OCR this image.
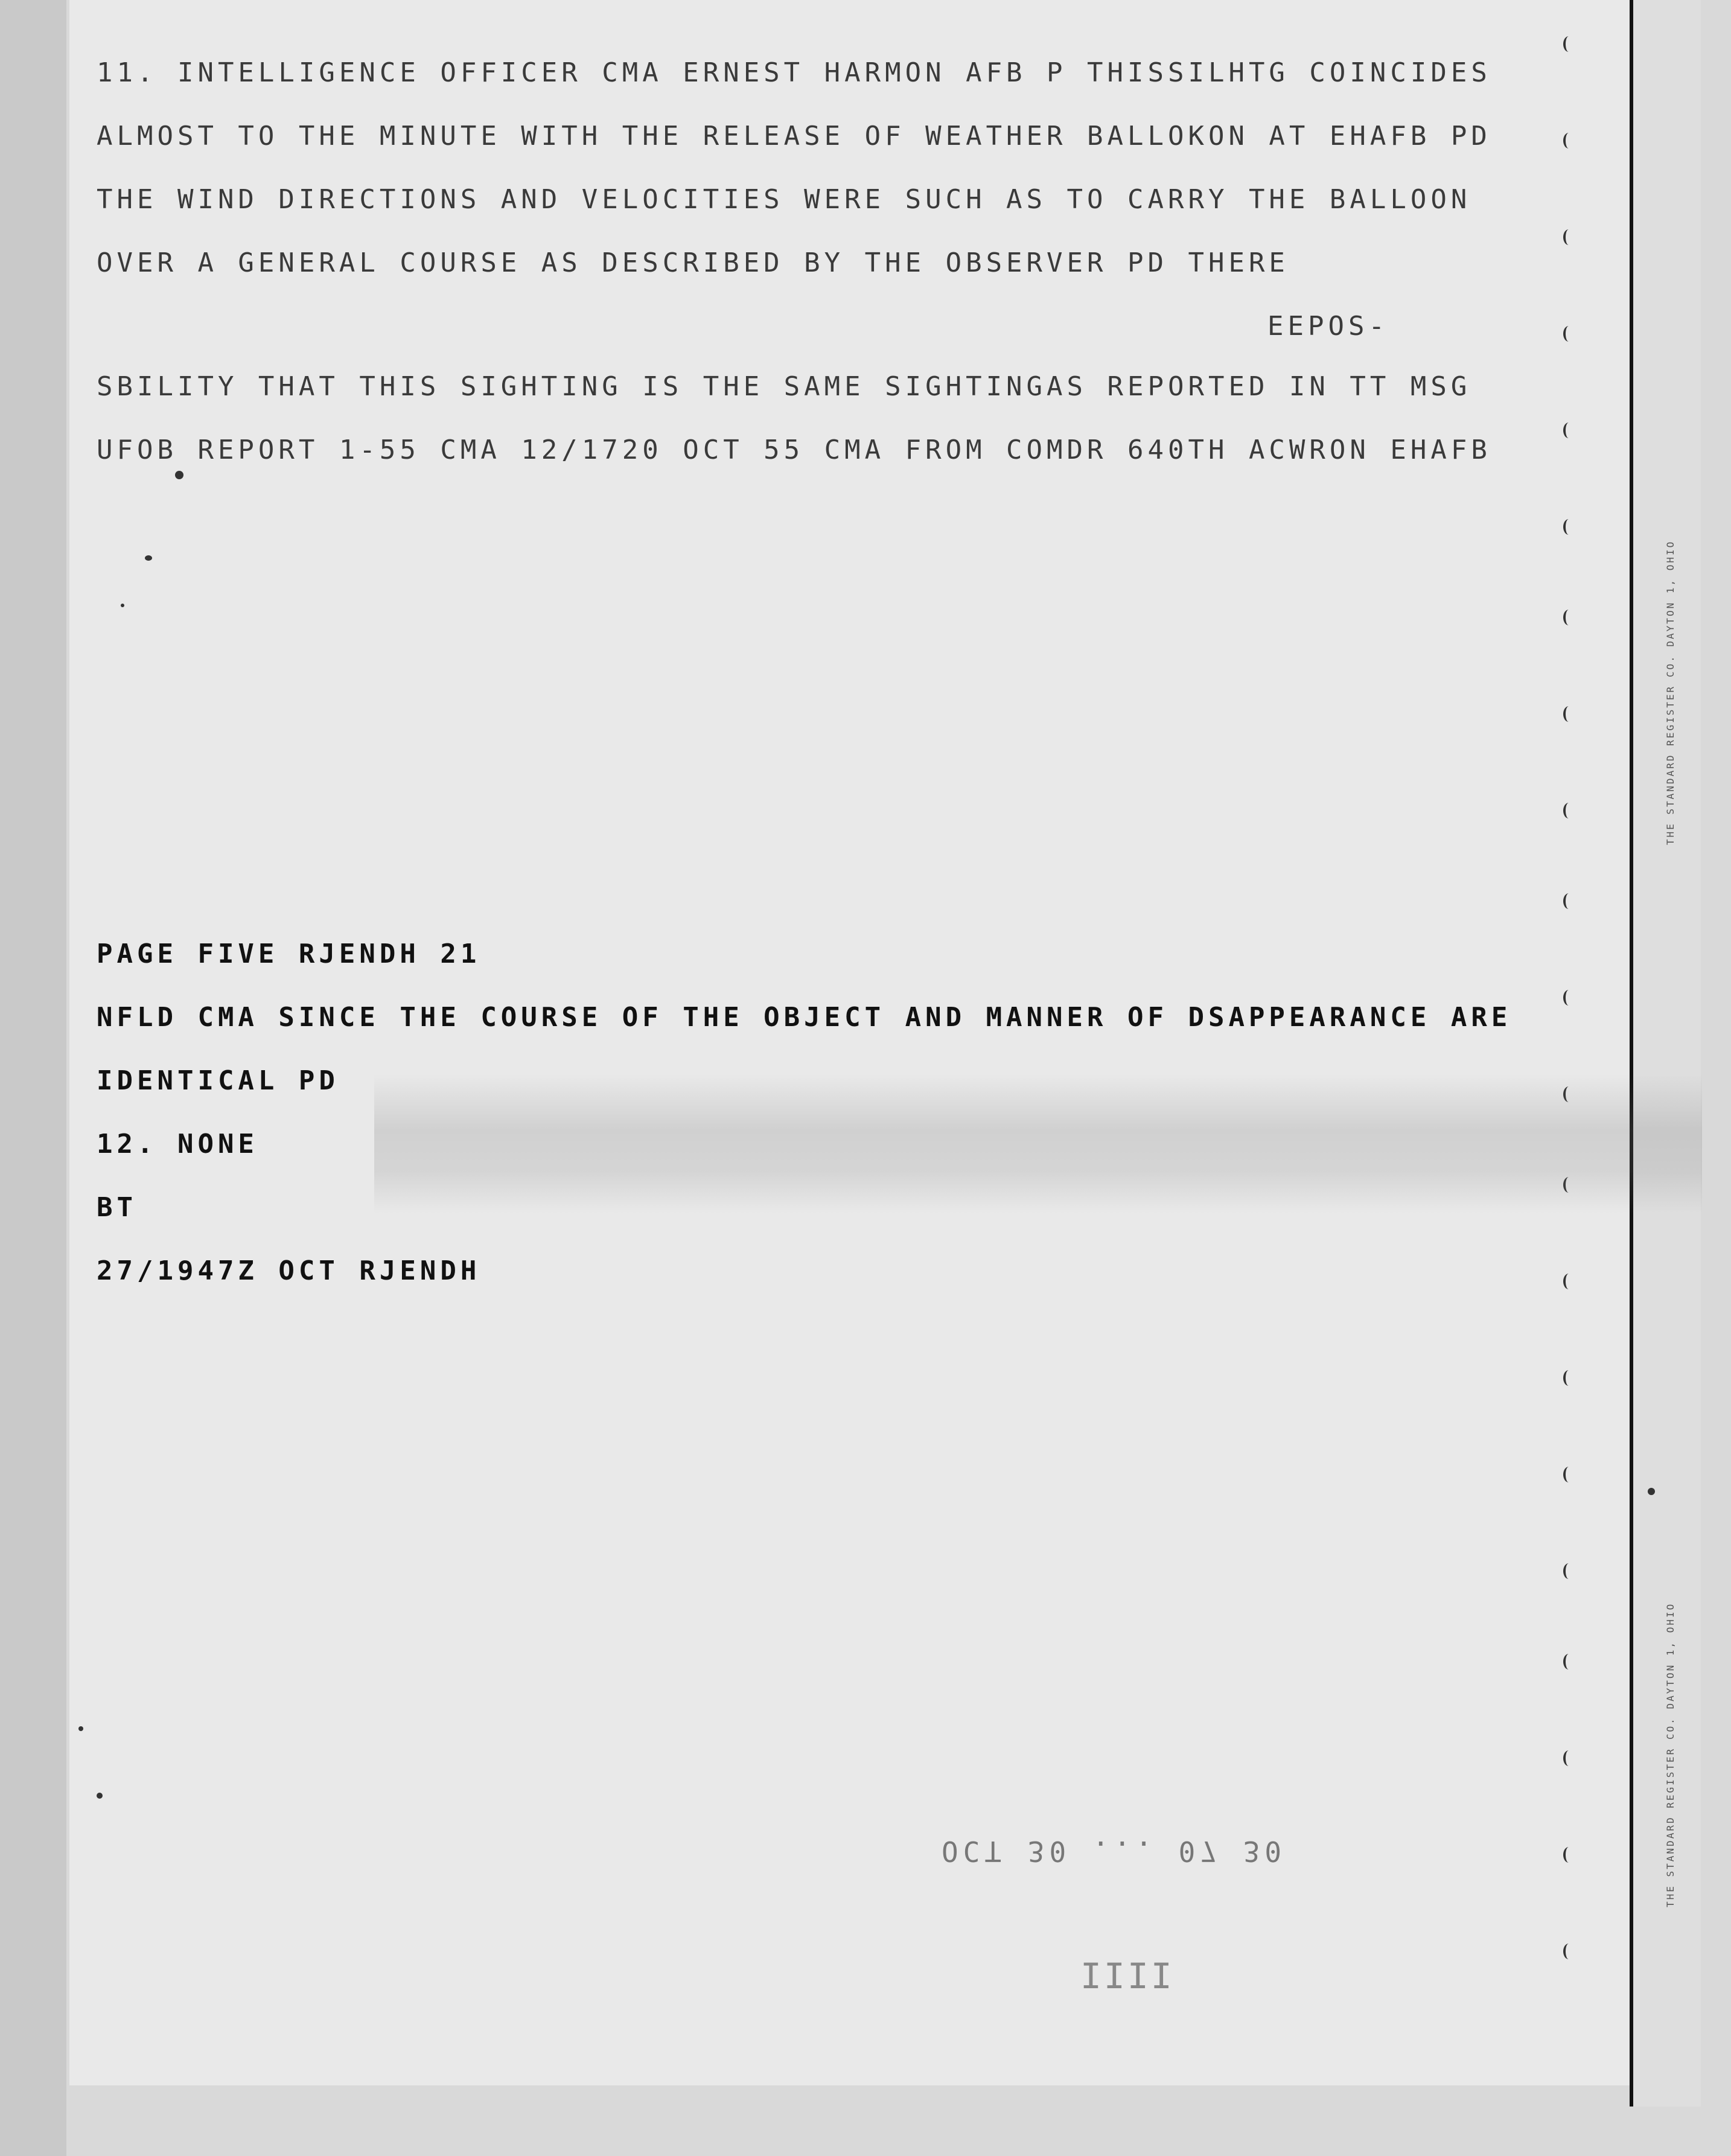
THE STANDARD REGISTER CO. DAYTON 1, OHIO
THE STANDARD REGISTER CO. DAYTON 1, OHIO
11. INTELLIGENCE OFFICER CMA ERNEST HARMON AFB P THISSILHTG COINCIDES
ALMOST TO THE MINUTE WITH THE RELEASE OF WEATHER BALLOKON AT EHAFB PD
THE WIND DIRECTIONS AND VELOCITIES WERE SUCH AS TO CARRY THE BALLOON
OVER A GENERAL COURSE AS DESCRIBED BY THE OBSERVER PD THERE
EEPOS-
SBILITY THAT THIS SIGHTING IS THE SAME SIGHTINGAS REPORTED IN TT MSG
UFOB REPORT 1-55 CMA 12/1720 OCT 55 CMA FROM COMDR 640TH ACWRON EHAFB
PAGE FIVE RJENDH 21
NFLD CMA SINCE THE COURSE OF THE OBJECT AND MANNER OF DSAPPEARANCE ARE
IDENTICAL PD
12. NONE
BT
27/1947Z OCT RJENDH
OCT 30 ... 07 30
IIII
